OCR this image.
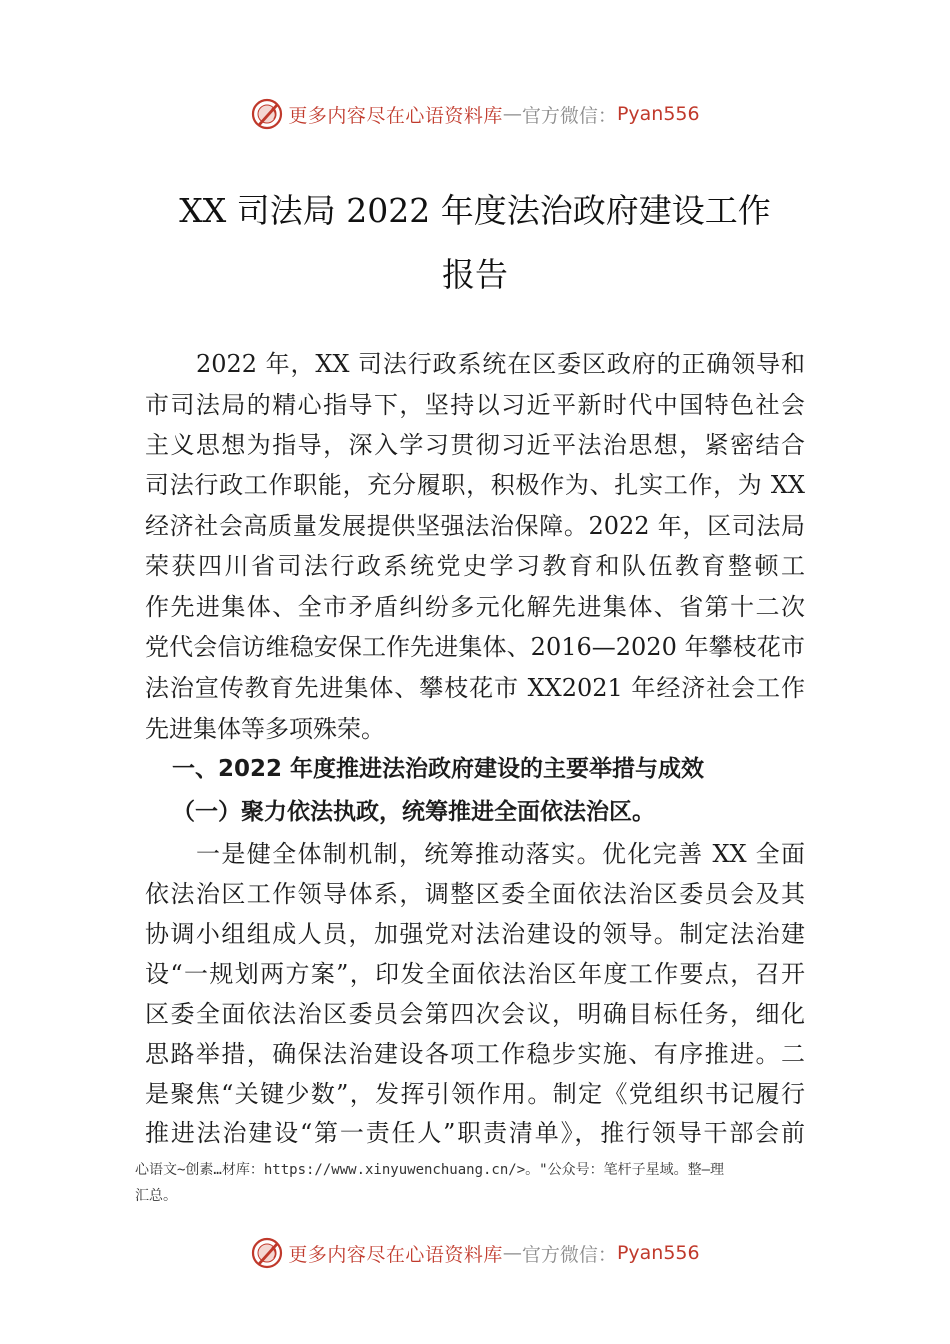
更多内容尽在心语资料库 — 官方微信： Pyan556
XX 司法局 2022 年度法治政府建设工作
报告
2022 年，XX 司法行政系统在区委区政府的正确领导和
市司法局的精心指导下，坚持以习近平新时代中国特色社会
主义思想为指导，深入学习贯彻习近平法治思想，紧密结合
司法行政工作职能，充分履职，积极作为、扎实工作，为 XX
经济社会高质量发展提供坚强法治保障。2022 年，区司法局
荣获四川省司法行政系统党史学习教育和队伍教育整顿工
作先进集体、全市矛盾纠纷多元化解先进集体、省第十二次
党代会信访维稳安保工作先进集体、2016—2020 年攀枝花市
法治宣传教育先进集体、攀枝花市 XX2021 年经济社会工作
先进集体等多项殊荣。
一、2022 年度推进法治政府建设的主要举措与成效
（一）聚力依法执政，统筹推进全面依法治区。
一是健全体制机制，统筹推动落实。优化完善 XX 全面
依法治区工作领导体系，调整区委全面依法治区委员会及其
协调小组组成人员，加强党对法治建设的领导。制定法治建
设“一规划两方案”，印发全面依法治区年度工作要点，召开
区委全面依法治区委员会第四次会议，明确目标任务，细化
思路举措，确保法治建设各项工作稳步实施、有序推进。二
是聚焦“关键少数”，发挥引领作用。制定《党组织书记履行
推进法治建设“第一责任人”职责清单》，推行领导干部会前
心语文~创素…材库：https://www.xinyuwenchuang.cn/>。"公众号：笔杆子星域。整—理
汇总。
更多内容尽在心语资料库 — 官方微信： Pyan556
